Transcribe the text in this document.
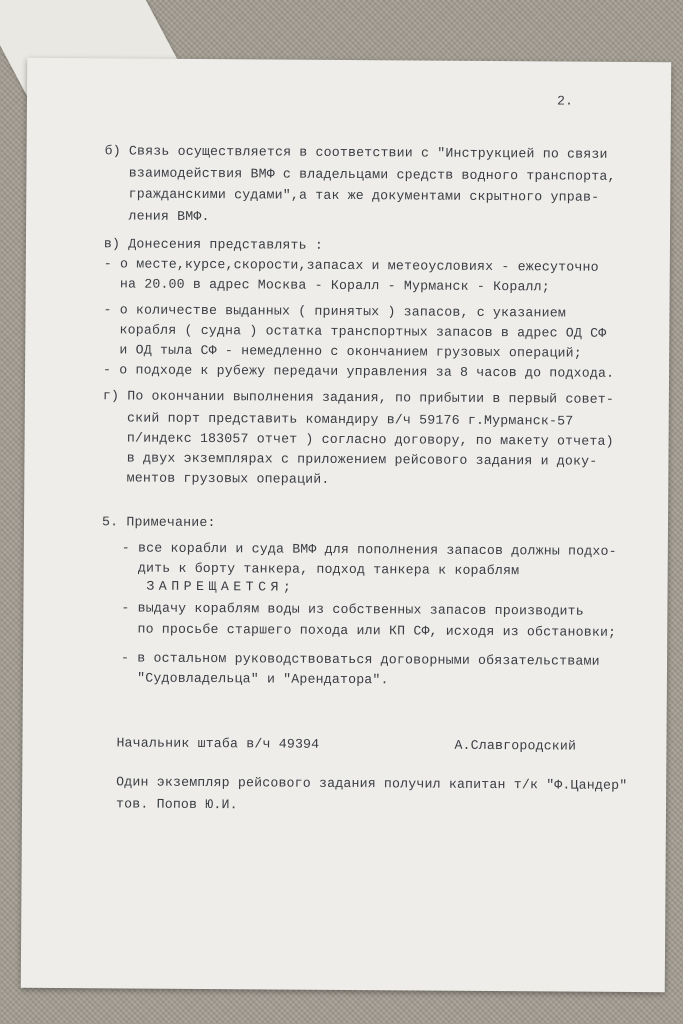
2.
б) Связь осуществляется в соответствии с "Инструкцией по связи
взаимодействия ВМФ с владельцами средств водного транспорта,
гражданскими судами",а так же документами скрытного управ-
ления ВМФ.
в) Донесения представлять :
- о месте,курсе,скорости,запасах и метеоусловиях - ежесуточно
на 20.00 в адрес Москва - Коралл - Мурманск - Коралл;
- о количестве выданных ( принятых ) запасов, с указанием
корабля ( судна ) остатка транспортных запасов в адрес ОД СФ
и ОД тыла СФ - немедленно с окончанием грузовых операций;
- о подходе к рубежу передачи управления за 8 часов до подхода.
г) По окончании выполнения задания, по прибытии в первый совет-
ский порт представить командиру в/ч 59176 г.Мурманск-57
п/индекс 183057 отчет ) согласно договору, по макету отчета)
в двух экземплярах с приложением рейсового задания и доку-
ментов грузовых операций.
5. Примечание:
- все корабли и суда ВМФ для пополнения запасов должны подхо-
дить к борту танкера, подход танкера к кораблям
ЗАПРЕЩАЕТСЯ;
- выдачу кораблям воды из собственных запасов производить
по просьбе старшего похода или КП СФ, исходя из обстановки;
- в остальном руководствоваться договорными обязательствами
"Судовладельца" и "Арендатора".
Начальник штаба в/ч 49394	А.Славгородский
Один экземпляр рейсового задания получил капитан т/к "Ф.Цандер"
тов. Попов Ю.И.
